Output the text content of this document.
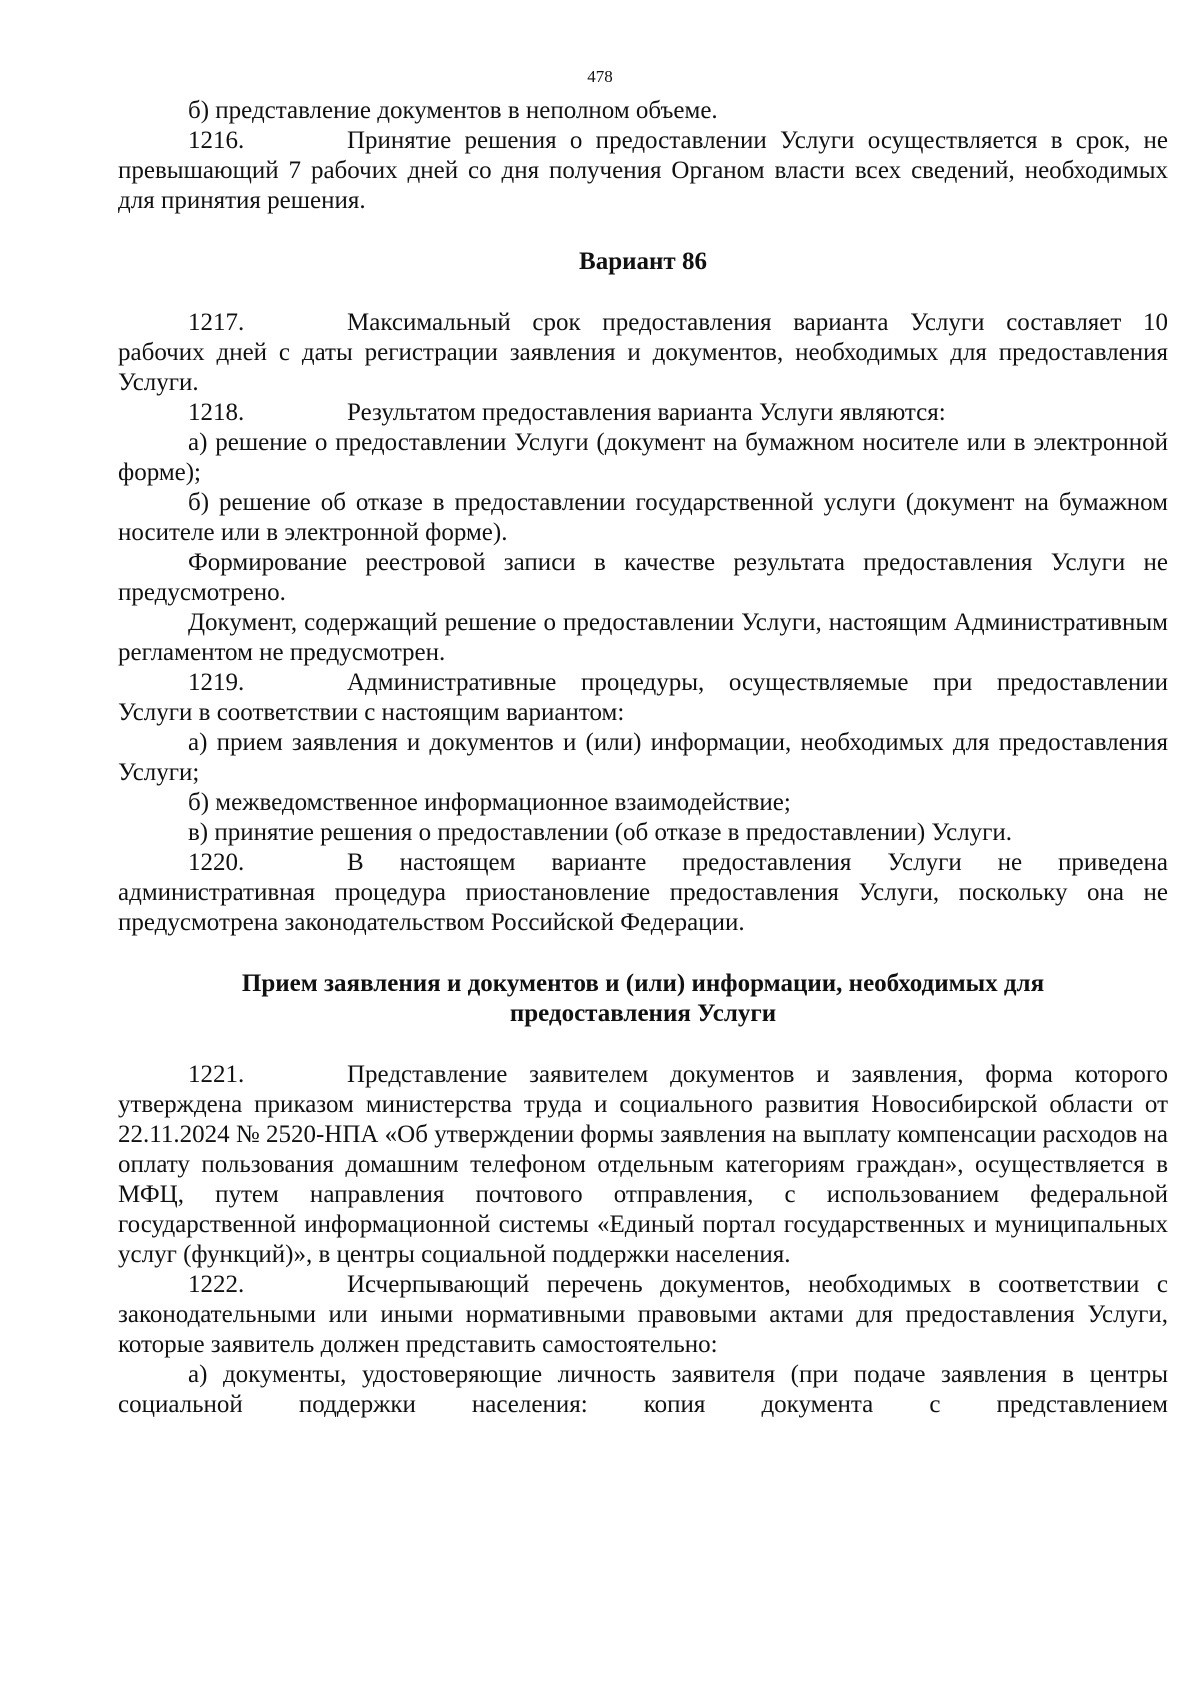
478

б) представление документов в неполном объеме.

1216.	Принятие решения о предоставлении Услуги осуществляется в срок, не превышающий 7 рабочих дней со дня получения Органом власти всех сведений, необходимых для принятия решения.

Вариант 86

1217.	Максимальный срок предоставления варианта Услуги составляет 10 рабочих дней с даты регистрации заявления и документов, необходимых для предоставления Услуги.

1218.	Результатом предоставления варианта Услуги являются:

а) решение о предоставлении Услуги (документ на бумажном носителе или в электронной форме);

б) решение об отказе в предоставлении государственной услуги (документ на бумажном носителе или в электронной форме).

Формирование реестровой записи в качестве результата предоставления Услуги не предусмотрено.

Документ, содержащий решение о предоставлении Услуги, настоящим Административным регламентом не предусмотрен.

1219.	Административные процедуры, осуществляемые при предоставлении Услуги в соответствии с настоящим вариантом:

а) прием заявления и документов и (или) информации, необходимых для предоставления Услуги;

б) межведомственное информационное взаимодействие;

в) принятие решения о предоставлении (об отказе в предоставлении) Услуги.

1220.	В настоящем варианте предоставления Услуги не приведена административная процедура приостановление предоставления Услуги, поскольку она не предусмотрена законодательством Российской Федерации.

Прием заявления и документов и (или) информации, необходимых для

предоставления Услуги

1221.	Представление заявителем документов и заявления, форма которого утверждена приказом министерства труда и социального развития Новосибирской области от 22.11.2024 № 2520-НПА «Об утверждении формы заявления на выплату компенсации расходов на оплату пользования домашним телефоном отдельным категориям граждан», осуществляется в МФЦ, путем направления почтового отправления, с использованием федеральной государственной информационной системы «Единый портал государственных и муниципальных услуг (функций)», в центры социальной поддержки населения.

1222.	Исчерпывающий перечень документов, необходимых в соответствии с законодательными или иными нормативными правовыми актами для предоставления Услуги, которые заявитель должен представить самостоятельно:

а) документы, удостоверяющие личность заявителя (при подаче заявления в центры социальной поддержки населения: копия документа с представлением
